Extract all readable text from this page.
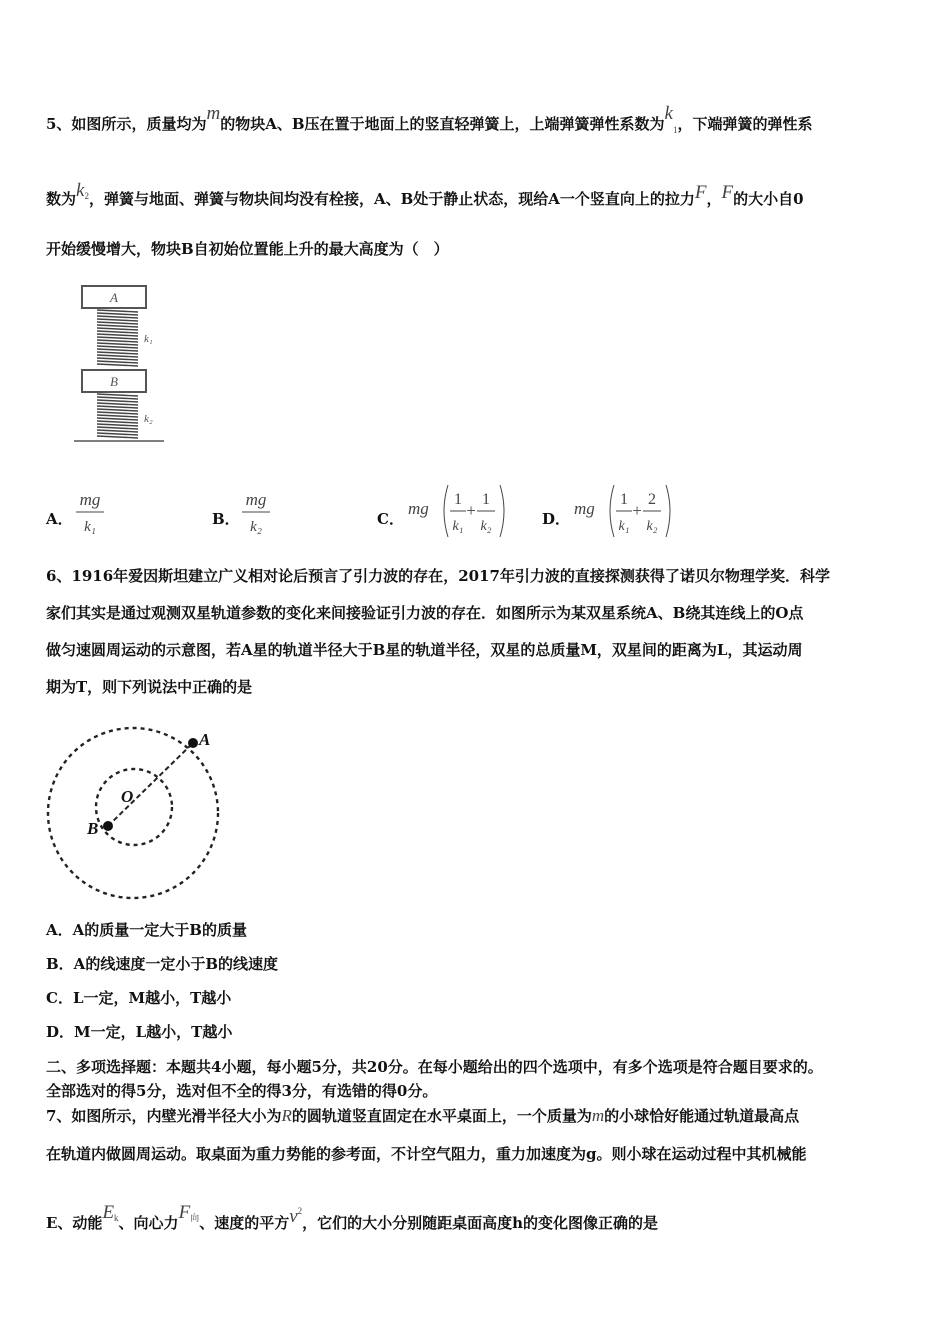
5、如图所示，质量均为m的物块A、B压在置于地面上的竖直轻弹簧上，上端弹簧弹性系数为$k_1$，下端弹簧的弹性系
数为$k_2$，弹簧与地面、弹簧与物块间均没有栓接，A、B处于静止状态，现给A一个竖直向上的拉力F，F的大小自0
开始缓慢增大，物块B自初始位置能上升的最大高度为（　）
A
k₁
B
k₂
A．
mg
k₁	B．
mg
k₂	C．
mg 1
k₁
+
1
k₂	D．
mg 1
k₁
+
2
k₂
6、1916年爱因斯坦建立广义相对论后预言了引力波的存在，2017年引力波的直接探测获得了诺贝尔物理学奖．科学
家们其实是通过观测双星轨道参数的变化来间接验证引力波的存在．如图所示为某双星系统A、B绕其连线上的O点
做匀速圆周运动的示意图，若A星的轨道半径大于B星的轨道半径，双星的总质量M，双星间的距离为L，其运动周
期为T，则下列说法中正确的是
A
B
O
A．A的质量一定大于B的质量
B．A的线速度一定小于B的线速度
C．L一定，M越小，T越小
D．M一定，L越小，T越小
二、多项选择题：本题共4小题，每小题5分，共20分。在每小题给出的四个选项中，有多个选项是符合题目要求的。
全部选对的得5分，选对但不全的得3分，有选错的得0分。
7、如图所示，内壁光滑半径大小为R的圆轨道竖直固定在水平桌面上，一个质量为m的小球恰好能通过轨道最高点
在轨道内做圆周运动。取桌面为重力势能的参考面，不计空气阻力，重力加速度为g。则小球在运动过程中其机械能
E、动能$E_k$、向心力$F_向$、速度的平方$v^2$，它们的大小分别随距桌面高度h的变化图像正确的是
